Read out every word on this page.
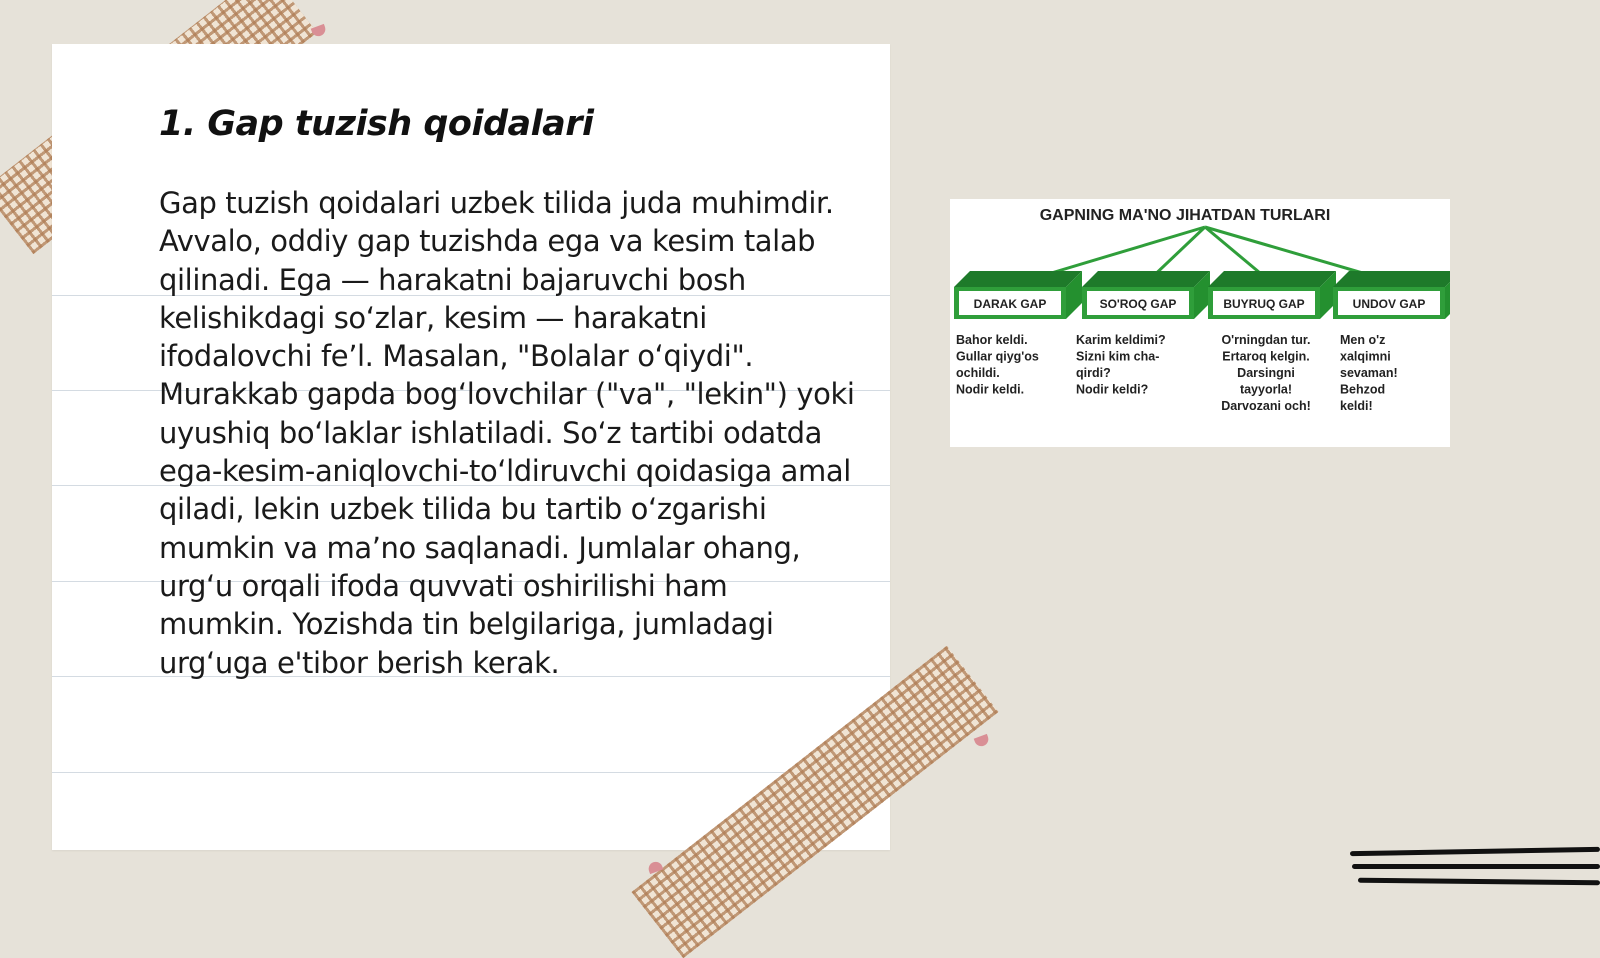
1. Gap tuzish qoidalari

Gap tuzish qoidalari uzbek tilida juda muhimdir. Avvalo, oddiy gap tuzishda ega va kesim talab qilinadi. Ega — harakatni bajaruvchi bosh kelishikdagi so‘zlar, kesim — harakatni ifodalovchi fe’l. Masalan, "Bolalar o‘qiydi". Murakkab gapda bog‘lovchilar ("va", "lekin") yoki uyushiq bo‘laklar ishlatiladi. So‘z tartibi odatda ega-kesim-aniqlovchi-to‘ldiruvchi qoidasiga amal qiladi, lekin uzbek tilida bu tartib o‘zgarishi mumkin va ma’no saqlanadi. Jumlalar ohang, urg‘u orqali ifoda quvvati oshirilishi ham mumkin. Yozishda tin belgilariga, jumladagi urg‘uga e'tibor berish kerak.

GAPNING MA'NO JIHATDAN TURLARI
DARAK GAP
Bahor keldi.
Gullar qiyg'os
ochildi.
Nodir keldi.
SO'ROQ GAP
Karim keldimi?
Sizni kim cha-
qirdi?
Nodir keldi?
BUYRUQ GAP
O'rningdan tur.
Ertaroq kelgin.
Darsingni
tayyorla!
Darvozani och!
UNDOV GAP
Men o'z
xalqimni
sevaman!
Behzod
keldi!
